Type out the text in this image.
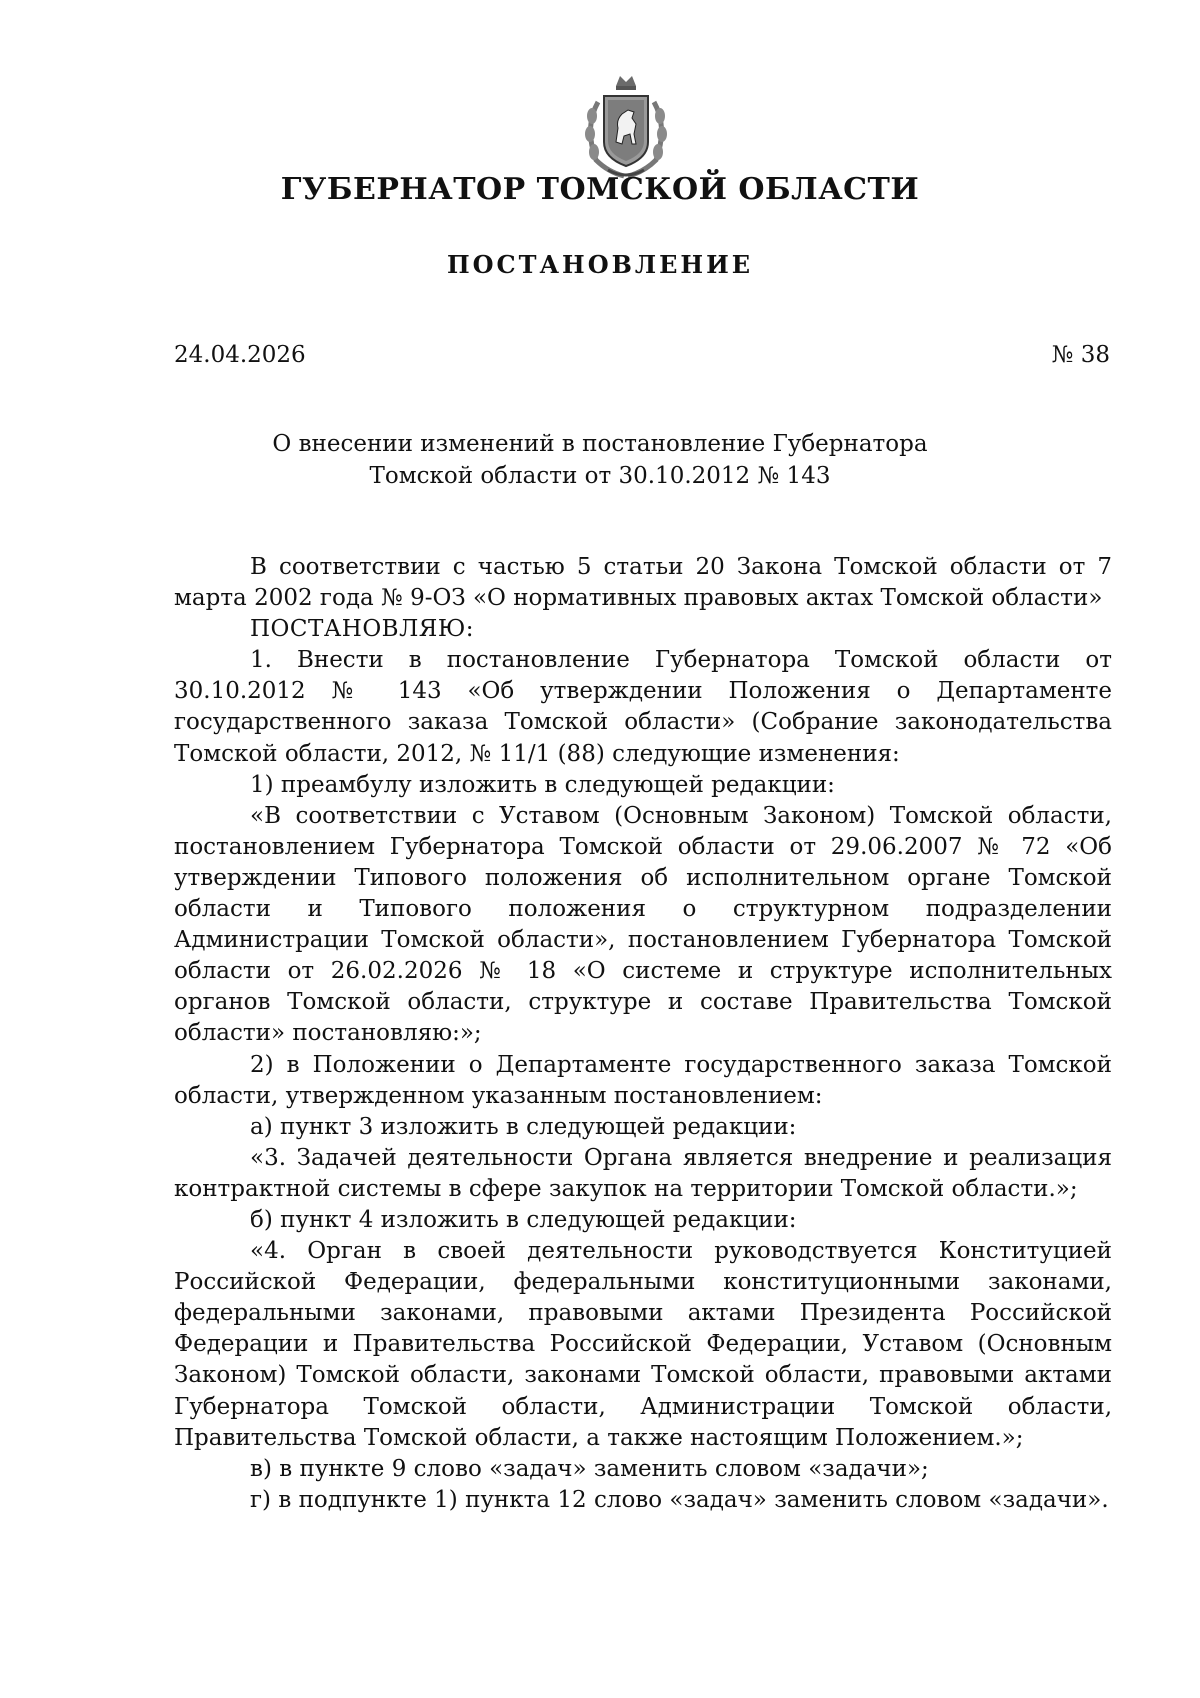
ГУБЕРНАТОР ТОМСКОЙ ОБЛАСТИ
ПОСТАНОВЛЕНИЕ
24.04.2026	№ 38
О внесении изменений в постановление Губернатора
Томской области от 30.10.2012 № 143

В соответствии с частью 5 статьи 20 Закона Томской области от 7 марта 2002 года № 9-ОЗ «О нормативных правовых актах Томской области»

ПОСТАНОВЛЯЮ:

1. Внести в постановление Губернатора Томской области от 30.10.2012 № 143 «Об утверждении Положения о Департаменте государственного заказа Томской области» (Собрание законодательства Томской области, 2012, № 11/1 (88) следующие изменения:

1) преамбулу изложить в следующей редакции:

«В соответствии с Уставом (Основным Законом) Томской области, постановлением Губернатора Томской области от 29.06.2007 № 72 «Об утверждении Типового положения об исполнительном органе Томской области и Типового положения о структурном подразделении Администрации Томской области», постановлением Губернатора Томской области от 26.02.2026 № 18 «О системе и структуре исполнительных органов Томской области, структуре и составе Правительства Томской области» постановляю:»;

2) в Положении о Департаменте государственного заказа Томской области, утвержденном указанным постановлением:

а) пункт 3 изложить в следующей редакции:

«3. Задачей деятельности Органа является внедрение и реализация контрактной системы в сфере закупок на территории Томской области.»;

б) пункт 4 изложить в следующей редакции:

«4. Орган в своей деятельности руководствуется Конституцией Российской Федерации, федеральными конституционными законами, федеральными законами, правовыми актами Президента Российской Федерации и Правительства Российской Федерации, Уставом (Основным Законом) Томской области, законами Томской области, правовыми актами Губернатора Томской области, Администрации Томской области, Правительства Томской области, а также настоящим Положением.»;

в) в пункте 9 слово «задач» заменить словом «задачи»;

г) в подпункте 1) пункта 12 слово «задач» заменить словом «задачи».
